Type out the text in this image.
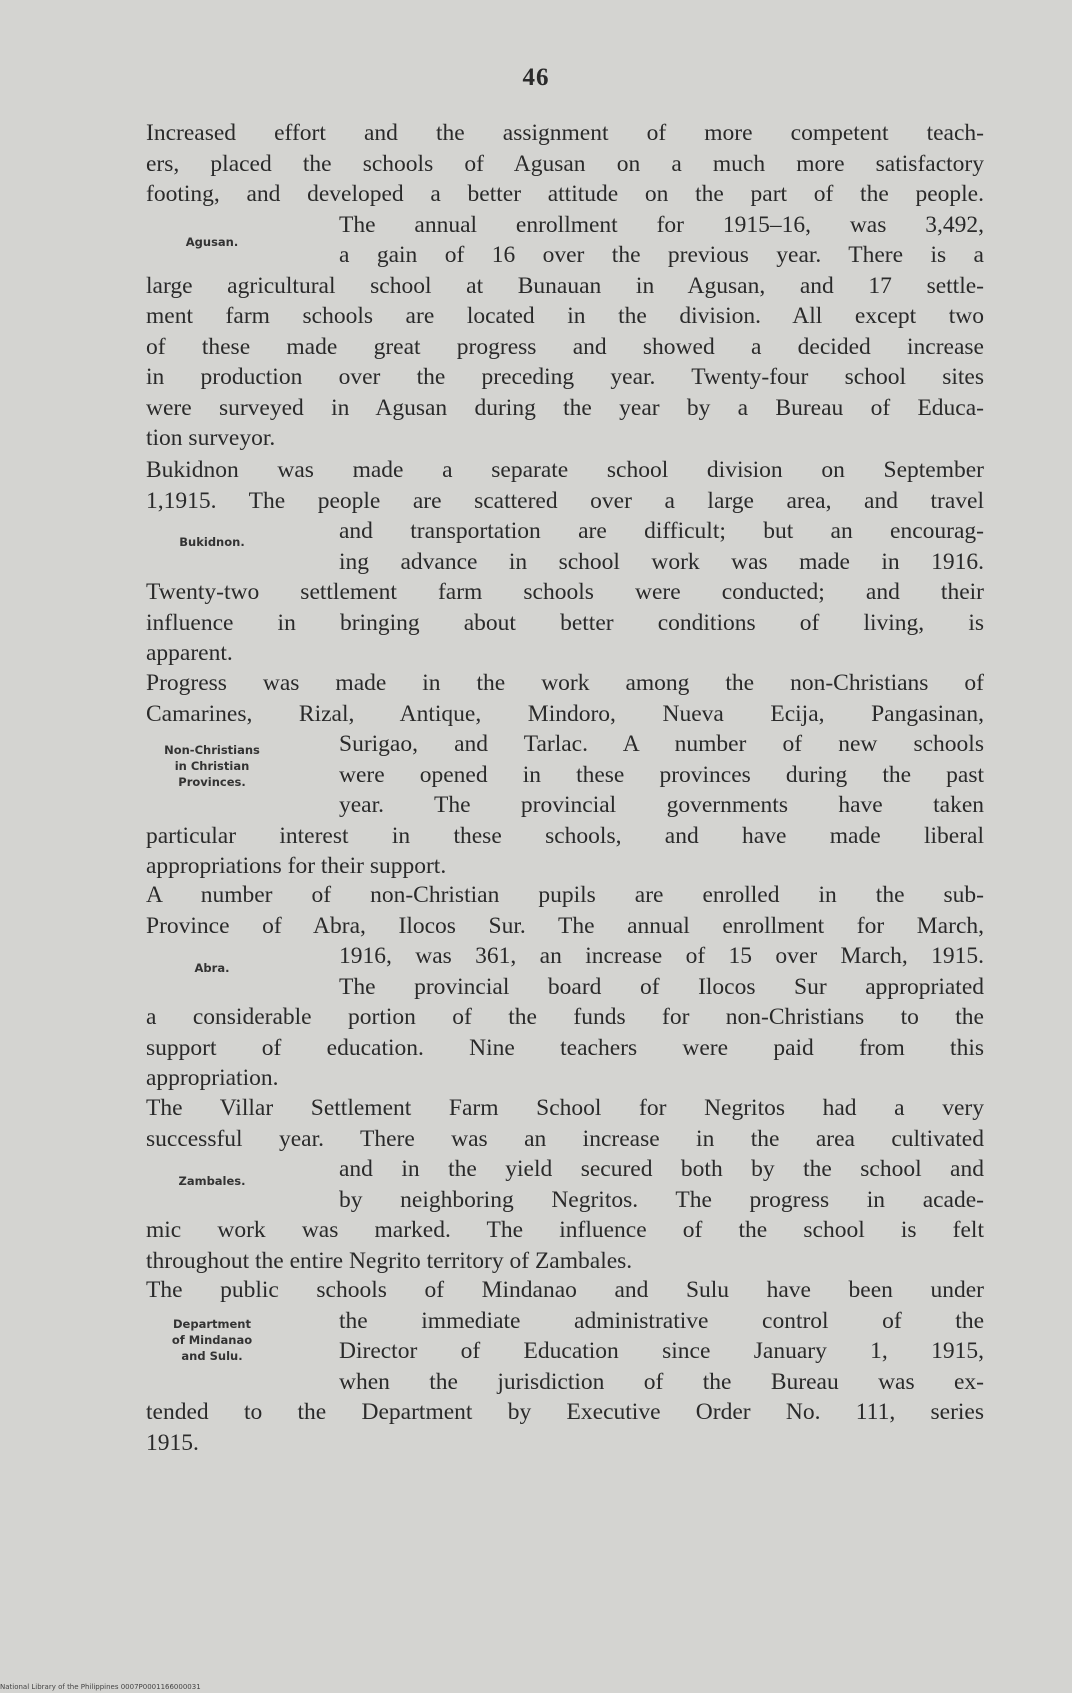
46
Increased effort and the assignment of more competent teach-
ers, placed the schools of Agusan on a much more satisfactory
footing, and developed a better attitude on the part of the people.
The annual enrollment for 1915–16, was 3,492,
a gain of 16 over the previous year. There is a
large agricultural school at Bunauan in Agusan, and 17 settle-
ment farm schools are located in the division. All except two
of these made great progress and showed a decided increase
in production over the preceding year. Twenty-four school sites
were surveyed in Agusan during the year by a Bureau of Educa-
tion surveyor.
Agusan.
Bukidnon was made a separate school division on September
1,1915. The people are scattered over a large area, and travel
and transportation are difficult; but an encourag-
ing advance in school work was made in 1916.
Twenty-two settlement farm schools were conducted; and their
influence in bringing about better conditions of living, is
apparent.
Bukidnon.
Progress was made in the work among the non-Christians of
Camarines, Rizal, Antique, Mindoro, Nueva Ecija, Pangasinan,
Surigao, and Tarlac. A number of new schools
were opened in these provinces during the past
year. The provincial governments have taken
particular interest in these schools, and have made liberal
appropriations for their support.
Non-Christians
in Christian
Provinces.
A number of non-Christian pupils are enrolled in the sub-
Province of Abra, Ilocos Sur. The annual enrollment for March,
1916, was 361, an increase of 15 over March, 1915.
The provincial board of Ilocos Sur appropriated
a considerable portion of the funds for non-Christians to the
support of education. Nine teachers were paid from this
appropriation.
Abra.
The Villar Settlement Farm School for Negritos had a very
successful year. There was an increase in the area cultivated
and in the yield secured both by the school and
by neighboring Negritos. The progress in acade-
mic work was marked. The influence of the school is felt
throughout the entire Negrito territory of Zambales.
Zambales.
The public schools of Mindanao and Sulu have been under
the immediate administrative control of the
Director of Education since January 1, 1915,
when the jurisdiction of the Bureau was ex-
tended to the Department by Executive Order No. 111, series
1915.
Department
of Mindanao
and Sulu.
National Library of the Philippines 0007P0001166000031
